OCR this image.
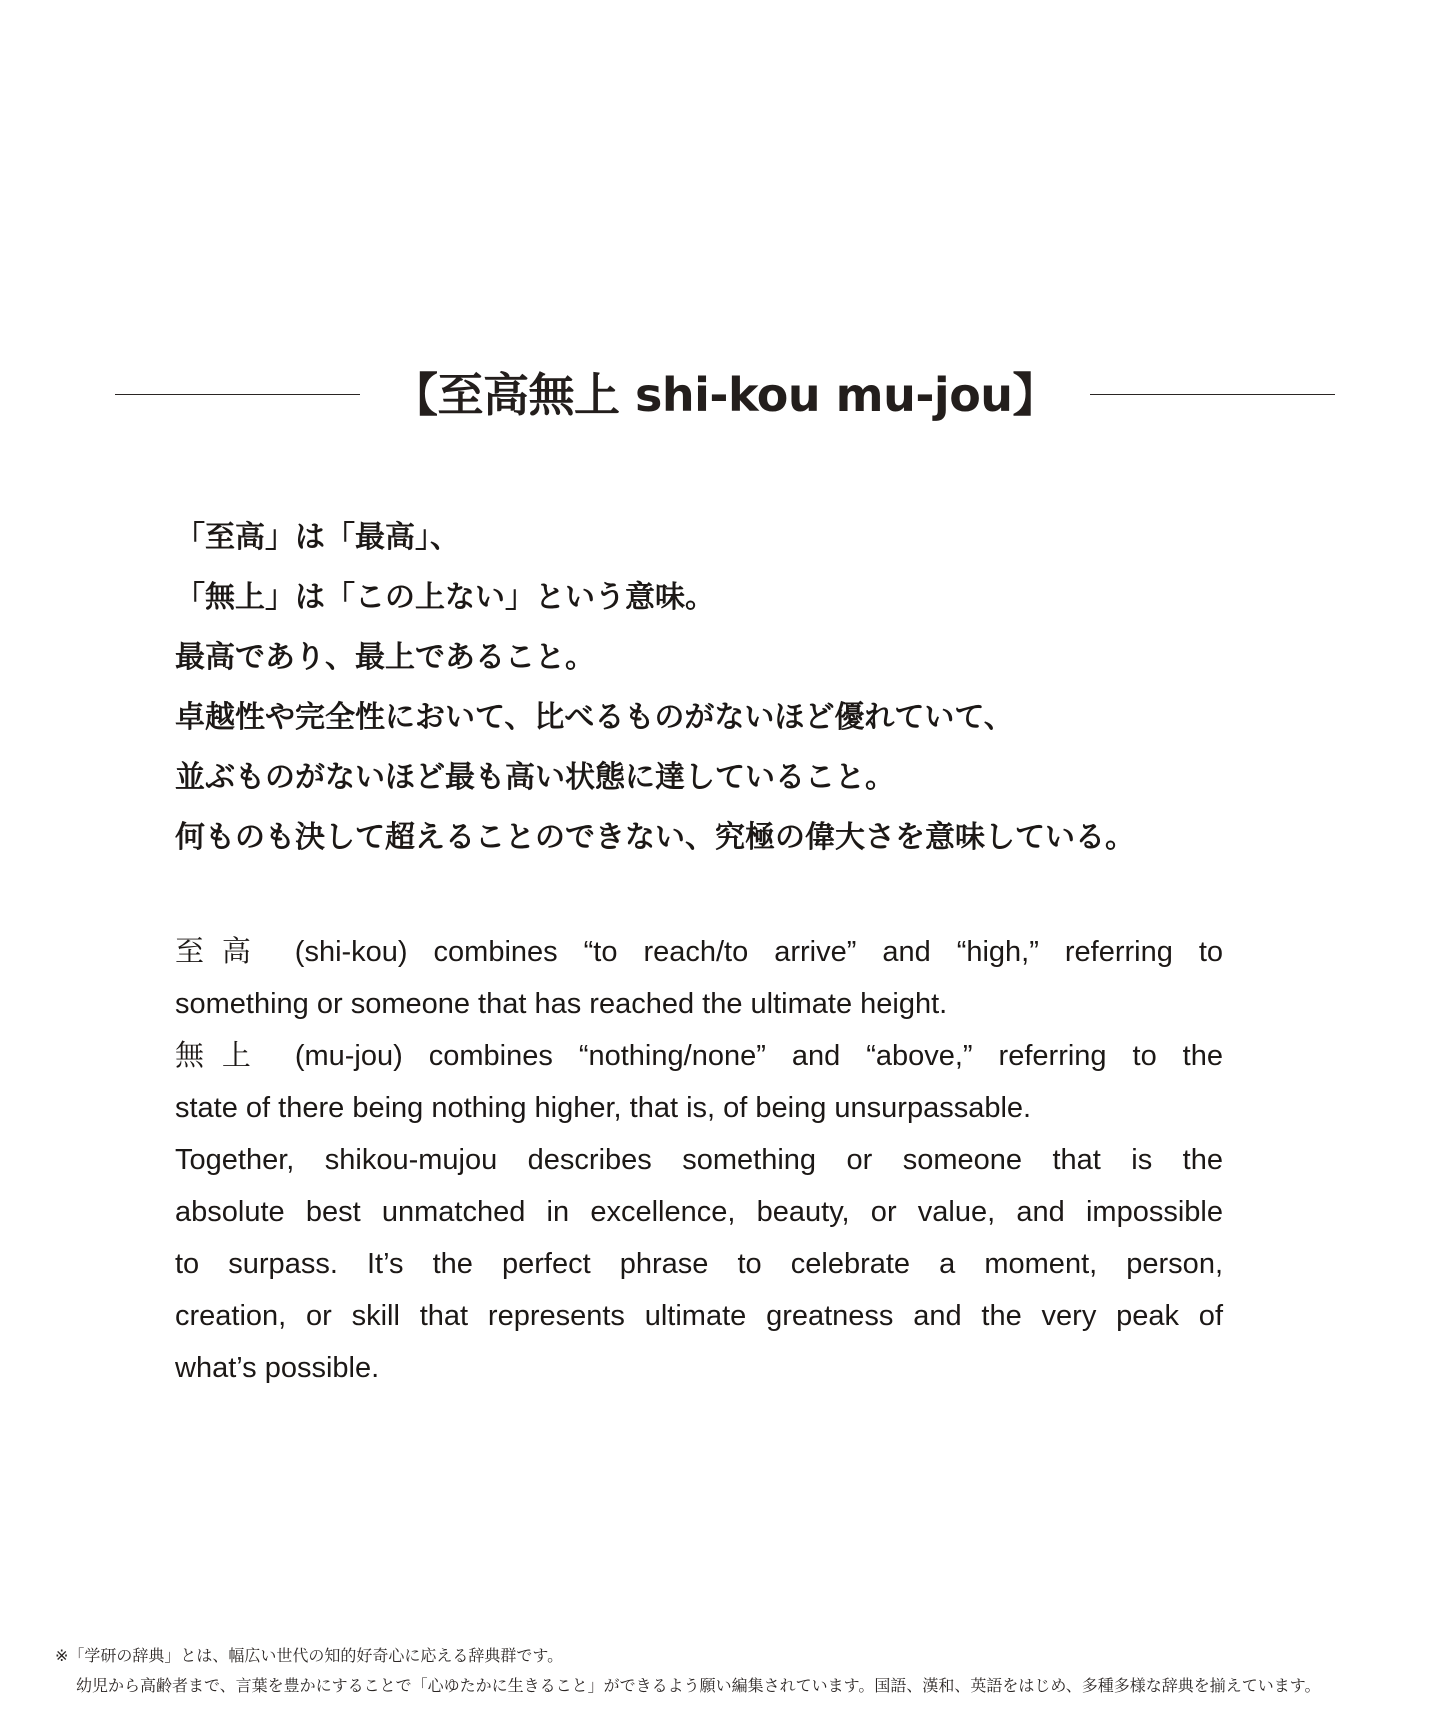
【至高無上 shi-kou mu-jou】
「至高」は「最高」、
「無上」は「この上ない」という意味。
最高であり、最上であること。
卓越性や完全性において、比べるものがないほど優れていて、
並ぶものがないほど最も高い状態に達していること。
何ものも決して超えることのできない、究極の偉大さを意味している。
至高 (shi-kou) combines “to reach/to arrive” and “high,” referring to
something or someone that has reached the ultimate height.
無上 (mu-jou) combines “nothing/none” and “above,” referring to the
state of there being nothing higher, that is, of being unsurpassable.
Together, shikou-mujou describes something or someone that is the
absolute best unmatched in excellence, beauty, or value, and impossible
to surpass. It’s the perfect phrase to celebrate a moment, person,
creation, or skill that represents ultimate greatness and the very peak of
what’s possible.
※「学研の辞典」とは、幅広い世代の知的好奇心に応える辞典群です。
幼児から高齢者まで、言葉を豊かにすることで「心ゆたかに生きること」ができるよう願い編集されています。国語、漢和、英語をはじめ、多種多様な辞典を揃えています。
